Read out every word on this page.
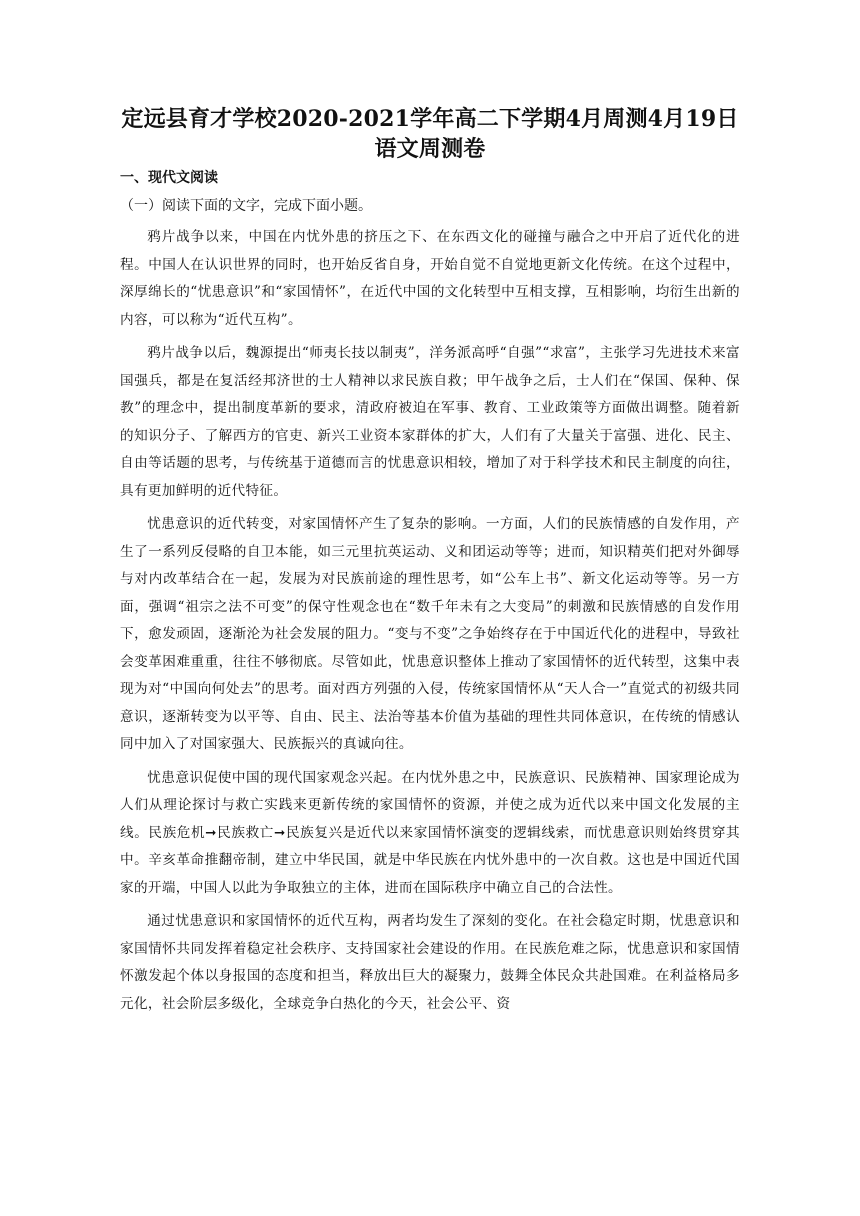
定远县育才学校2020-2021学年高二下学期4月周测4月19日
语文周测卷
一、现代文阅读
（一）阅读下面的文字，完成下面小题。

鸦片战争以来，中国在内忧外患的挤压之下、在东西文化的碰撞与融合之中开启了近代化的进程。中国人在认识世界的同时，也开始反省自身，开始自觉不自觉地更新文化传统。在这个过程中，深厚绵长的“忧患意识”和“家国情怀”，在近代中国的文化转型中互相支撑，互相影响，均衍生出新的内容，可以称为“近代互构”。

鸦片战争以后，魏源提出“师夷长技以制夷”，洋务派高呼“自强”“求富”，主张学习先进技术来富国强兵，都是在复活经邦济世的士人精神以求民族自救；甲午战争之后，士人们在“保国、保种、保教”的理念中，提出制度革新的要求，清政府被迫在军事、教育、工业政策等方面做出调整。随着新的知识分子、了解西方的官吏、新兴工业资本家群体的扩大，人们有了大量关于富强、进化、民主、自由等话题的思考，与传统基于道德而言的忧患意识相较，增加了对于科学技术和民主制度的向往，具有更加鲜明的近代特征。

忧患意识的近代转变，对家国情怀产生了复杂的影响。一方面，人们的民族情感的自发作用，产生了一系列反侵略的自卫本能，如三元里抗英运动、义和团运动等等；进而，知识精英们把对外御辱与对内改革结合在一起，发展为对民族前途的理性思考，如“公车上书”、新文化运动等等。另一方面，强调“祖宗之法不可变”的保守性观念也在“数千年未有之大变局”的刺激和民族情感的自发作用下，愈发顽固，逐渐沦为社会发展的阻力。“变与不变”之争始终存在于中国近代化的进程中，导致社会变革困难重重，往往不够彻底。尽管如此，忧患意识整体上推动了家国情怀的近代转型，这集中表现为对“中国向何处去”的思考。面对西方列强的入侵，传统家国情怀从“天人合一”直觉式的初级共同意识，逐渐转变为以平等、自由、民主、法治等基本价值为基础的理性共同体意识，在传统的情感认同中加入了对国家强大、民族振兴的真诚向往。

忧患意识促使中国的现代国家观念兴起。在内忧外患之中，民族意识、民族精神、国家理论成为人们从理论探讨与救亡实践来更新传统的家国情怀的资源，并使之成为近代以来中国文化发展的主线。民族危机➞民族救亡➞民族复兴是近代以来家国情怀演变的逻辑线索，而忧患意识则始终贯穿其中。辛亥革命推翻帝制，建立中华民国，就是中华民族在内忧外患中的一次自救。这也是中国近代国家的开端，中国人以此为争取独立的主体，进而在国际秩序中确立自己的合法性。

通过忧患意识和家国情怀的近代互构，两者均发生了深刻的变化。在社会稳定时期，忧患意识和家国情怀共同发挥着稳定社会秩序、支持国家社会建设的作用。在民族危难之际，忧患意识和家国情怀激发起个体以身报国的态度和担当，释放出巨大的凝聚力，鼓舞全体民众共赴国难。在利益格局多元化，社会阶层多级化，全球竞争白热化的今天，社会公平、资
